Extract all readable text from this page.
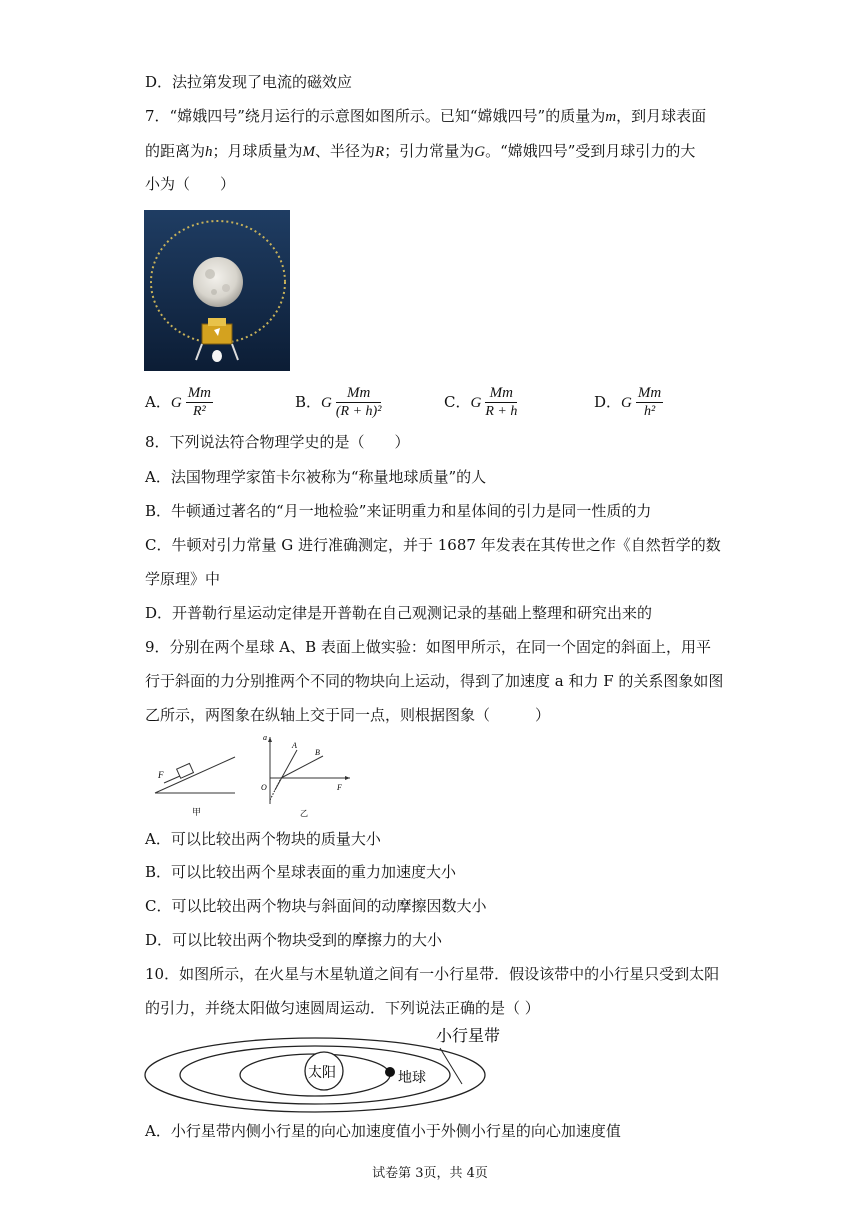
D．法拉第发现了电流的磁效应
7．“嫦娥四号”绕月运行的示意图如图所示。已知“嫦娥四号”的质量为m，到月球表面
的距离为h；月球质量为M、半径为R；引力常量为G。“嫦娥四号”受到月球引力的大
小为（　　）
A．G $\frac{Mm}{\text{R²}}$	B．G $\frac{Mm}{\text{(R + h)²}}$	C．G $\frac{Mm}{R + h}$	D．G $\frac{Mm}{\text{h²}}$
8．下列说法符合物理学史的是（　　）
A．法国物理学家笛卡尔被称为“称量地球质量”的人
B．牛顿通过著名的“月一地检验”来证明重力和星体间的引力是同一性质的力
C．牛顿对引力常量 G 进行准确测定，并于 1687 年发表在其传世之作《自然哲学的数
学原理》中
D．开普勒行星运动定律是开普勒在自己观测记录的基础上整理和研究出来的
9．分别在两个星球 A、B 表面上做实验：如图甲所示，在同一个固定的斜面上，用平
行于斜面的力分别推两个不同的物块向上运动，得到了加速度 a 和力 F 的关系图象如图
乙所示，两图象在纵轴上交于同一点，则根据图象（　　　）
F
甲
a
O
A
B
F
乙
A．可以比较出两个物块的质量大小
B．可以比较出两个星球表面的重力加速度大小
C．可以比较出两个物块与斜面间的动摩擦因数大小
D．可以比较出两个物块受到的摩擦力的大小
10．如图所示，在火星与木星轨道之间有一小行星带．假设该带中的小行星只受到太阳
的引力，并绕太阳做匀速圆周运动．下列说法正确的是（ ）
小行星带
太阳	地球
A．小行星带内侧小行星的向心加速度值小于外侧小行星的向心加速度值
试卷第 3页，共 4页
